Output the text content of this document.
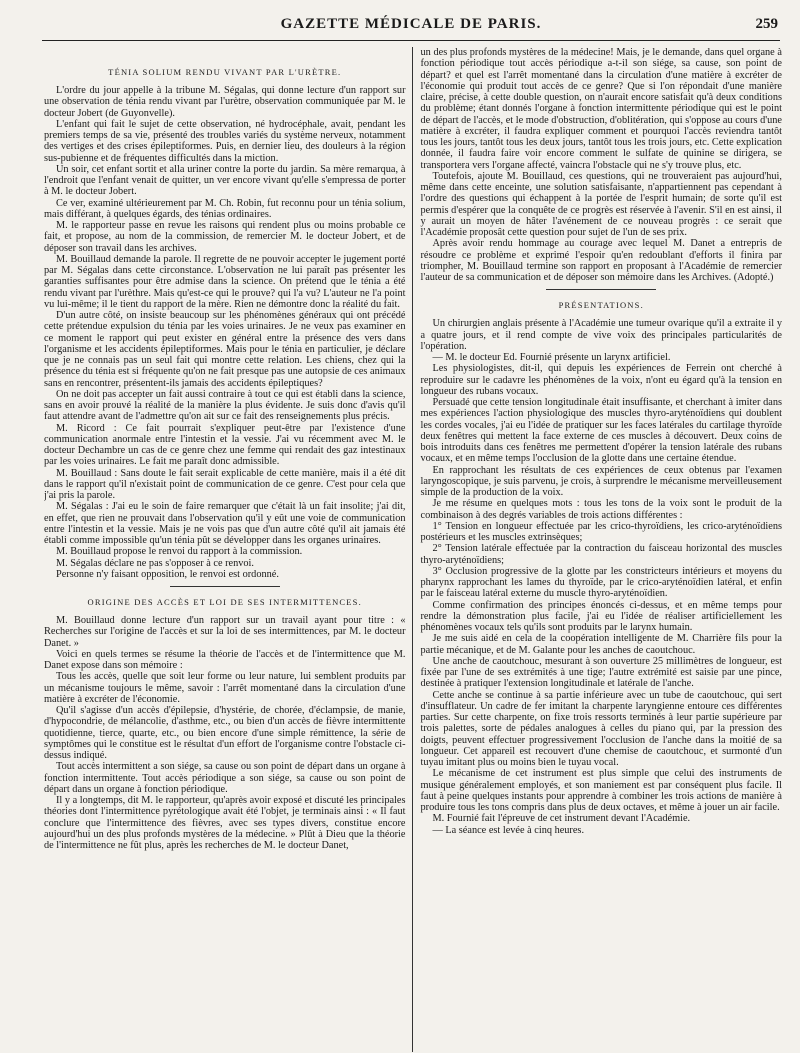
GAZETTE MÉDICALE DE PARIS.	259
TÉNIA SOLIUM RENDU VIVANT PAR L'URÈTRE.

L'ordre du jour appelle à la tribune M. Ségalas, qui donne lecture d'un rapport sur une observation de ténia rendu vivant par l'urètre, observation communiquée par M. le docteur Jobert (de Guyonvelle).

L'enfant qui fait le sujet de cette observation, né hydrocéphale, avait, pendant les premiers temps de sa vie, présenté des troubles variés du système nerveux, notamment des vertiges et des crises épileptiformes. Puis, en dernier lieu, des douleurs à la région sus-pubienne et de fréquentes difficultés dans la miction.

Un soir, cet enfant sortit et alla uriner contre la porte du jardin. Sa mère remarqua, à l'endroit que l'enfant venait de quitter, un ver encore vivant qu'elle s'empressa de porter à M. le docteur Jobert.

Ce ver, examiné ultérieurement par M. Ch. Robin, fut reconnu pour un ténia solium, mais différant, à quelques égards, des ténias ordinaires.

M. le rapporteur passe en revue les raisons qui rendent plus ou moins probable ce fait, et propose, au nom de la commission, de remercier M. le docteur Jobert, et de déposer son travail dans les archives.

M. Bouillaud demande la parole. Il regrette de ne pouvoir accepter le jugement porté par M. Ségalas dans cette circonstance. L'observation ne lui paraît pas présenter les garanties suffisantes pour être admise dans la science. On prétend que le ténia a été rendu vivant par l'urèthre. Mais qu'est-ce qui le prouve? qui l'a vu? L'auteur ne l'a point vu lui-même; il le tient du rapport de la mère. Rien ne démontre donc la réalité du fait.

D'un autre côté, on insiste beaucoup sur les phénomènes généraux qui ont précédé cette prétendue expulsion du ténia par les voies urinaires. Je ne veux pas examiner en ce moment le rapport qui peut exister en général entre la présence des vers dans l'organisme et les accidents épileptiformes. Mais pour le ténia en particulier, je déclare que je ne connais pas un seul fait qui montre cette relation. Les chiens, chez qui la présence du ténia est si fréquente qu'on ne fait presque pas une autopsie de ces animaux sans en rencontrer, présentent-ils jamais des accidents épileptiques?

On ne doit pas accepter un fait aussi contraire à tout ce qui est établi dans la science, sans en avoir prouvé la réalité de la manière la plus évidente. Je suis donc d'avis qu'il faut attendre avant de l'admettre qu'on ait sur ce fait des renseignements plus précis.

M. Ricord : Ce fait pourrait s'expliquer peut-être par l'existence d'une communication anormale entre l'intestin et la vessie. J'ai vu récemment avec M. le docteur Dechambre un cas de ce genre chez une femme qui rendait des gaz intestinaux par les voies urinaires. Le fait me paraît donc admissible.

M. Bouillaud : Sans doute le fait serait explicable de cette manière, mais il a été dit dans le rapport qu'il n'existait point de communication de ce genre. C'est pour cela que j'ai pris la parole.

M. Ségalas : J'ai eu le soin de faire remarquer que c'était là un fait insolite; j'ai dit, en effet, que rien ne prouvait dans l'observation qu'il y eût une voie de communication entre l'intestin et la vessie. Mais je ne vois pas que d'un autre côté qu'il ait jamais été établi comme impossible qu'un ténia pût se développer dans les organes urinaires.

M. Bouillaud propose le renvoi du rapport à la commission.

M. Ségalas déclare ne pas s'opposer à ce renvoi.

Personne n'y faisant opposition, le renvoi est ordonné.

ORIGINE DES ACCÈS ET LOI DE SES INTERMITTENCES.

M. Bouillaud donne lecture d'un rapport sur un travail ayant pour titre : « Recherches sur l'origine de l'accès et sur la loi de ses intermittences, par M. le docteur Danet. »

Voici en quels termes se résume la théorie de l'accès et de l'intermittence que M. Danet expose dans son mémoire :

Tous les accès, quelle que soit leur forme ou leur nature, lui semblent produits par un mécanisme toujours le même, savoir : l'arrêt momentané dans la circulation d'une matière à excréter de l'économie.

Qu'il s'agisse d'un accès d'épilepsie, d'hystérie, de chorée, d'éclampsie, de manie, d'hypocondrie, de mélancolie, d'asthme, etc., ou bien d'un accès de fièvre intermittente quotidienne, tierce, quarte, etc., ou bien encore d'une simple rémittence, la série de symptômes qui le constitue est le résultat d'un effort de l'organisme contre l'obstacle ci-dessus indiqué.

Tout accès intermittent a son siége, sa cause ou son point de départ dans un organe à fonction intermittente. Tout accès périodique a son siége, sa cause ou son point de départ dans un organe à fonction périodique.

Il y a longtemps, dit M. le rapporteur, qu'après avoir exposé et discuté les principales théories dont l'intermittence pyrétologique avait été l'objet, je terminais ainsi : « Il faut conclure que l'intermittence des fièvres, avec ses types divers, constitue encore aujourd'hui un des plus profonds mystères de la médecine. » Plût à Dieu que la théorie de l'intermittence ne fût plus, après les recherches de M. le docteur Danet,

un des plus profonds mystères de la médecine! Mais, je le demande, dans quel organe à fonction périodique tout accès périodique a-t-il son siége, sa cause, son point de départ? et quel est l'arrêt momentané dans la circulation d'une matière à excréter de l'économie qui produit tout accès de ce genre? Que si l'on répondait d'une manière claire, précise, à cette double question, on n'aurait encore satisfait qu'à deux conditions du problème; étant donnés l'organe à fonction intermittente périodique qui est le point de départ de l'accès, et le mode d'obstruction, d'oblitération, qui s'oppose au cours d'une matière à excréter, il faudra expliquer comment et pourquoi l'accès reviendra tantôt tous les jours, tantôt tous les deux jours, tantôt tous les trois jours, etc. Cette explication donnée, il faudra faire voir encore comment le sulfate de quinine se dirigera, se transportera vers l'organe affecté, vaincra l'obstacle qui ne s'y trouve plus, etc.

Toutefois, ajoute M. Bouillaud, ces questions, qui ne trouveraient pas aujourd'hui, même dans cette enceinte, une solution satisfaisante, n'appartiennent pas cependant à l'ordre des questions qui échappent à la portée de l'esprit humain; de sorte qu'il est permis d'espérer que la conquête de ce progrès est réservée à l'avenir. S'il en est ainsi, il y aurait un moyen de hâter l'avénement de ce nouveau progrès : ce serait que l'Académie proposât cette question pour sujet de l'un de ses prix.

Après avoir rendu hommage au courage avec lequel M. Danet a entrepris de résoudre ce problème et exprimé l'espoir qu'en redoublant d'efforts il finira par triompher, M. Bouillaud termine son rapport en proposant à l'Académie de remercier l'auteur de sa communication et de déposer son mémoire dans les Archives. (Adopté.)

PRÉSENTATIONS.

Un chirurgien anglais présente à l'Académie une tumeur ovarique qu'il a extraite il y a quatre jours, et il rend compte de vive voix des principales particularités de l'opération.

— M. le docteur Ed. Fournié présente un larynx artificiel.

Les physiologistes, dit-il, qui depuis les expériences de Ferrein ont cherché à reproduire sur le cadavre les phénomènes de la voix, n'ont eu égard qu'à la tension en longueur des rubans vocaux.

Persuadé que cette tension longitudinale était insuffisante, et cherchant à imiter dans mes expériences l'action physiologique des muscles thyro-aryténoïdiens qui doublent les cordes vocales, j'ai eu l'idée de pratiquer sur les faces latérales du cartilage thyroïde deux fenêtres qui mettent la face externe de ces muscles à découvert. Deux coins de bois introduits dans ces fenêtres me permettent d'opérer la tension latérale des rubans vocaux, et en même temps l'occlusion de la glotte dans une certaine étendue.

En rapprochant les résultats de ces expériences de ceux obtenus par l'examen laryngoscopique, je suis parvenu, je crois, à surprendre le mécanisme merveilleusement simple de la production de la voix.

Je me résume en quelques mots : tous les tons de la voix sont le produit de la combinaison à des degrés variables de trois actions différentes :

1° Tension en longueur effectuée par les crico-thyroïdiens, les crico-aryténoïdiens postérieurs et les muscles extrinsèques;

2° Tension latérale effectuée par la contraction du faisceau horizontal des muscles thyro-aryténoïdiens;

3° Occlusion progressive de la glotte par les constricteurs intérieurs et moyens du pharynx rapprochant les lames du thyroïde, par le crico-aryténoïdien latéral, et enfin par le faisceau latéral externe du muscle thyro-aryténoïdien.

Comme confirmation des principes énoncés ci-dessus, et en même temps pour rendre la démonstration plus facile, j'ai eu l'idée de réaliser artificiellement les phénomènes vocaux tels qu'ils sont produits par le larynx humain.

Je me suis aidé en cela de la coopération intelligente de M. Charrière fils pour la partie mécanique, et de M. Galante pour les anches de caoutchouc.

Une anche de caoutchouc, mesurant à son ouverture 25 millimètres de longueur, est fixée par l'une de ses extrémités à une tige; l'autre extrémité est saisie par une pince, destinée à pratiquer l'extension longitudinale et latérale de l'anche.

Cette anche se continue à sa partie inférieure avec un tube de caoutchouc, qui sert d'insufflateur. Un cadre de fer imitant la charpente laryngienne entoure ces différentes parties. Sur cette charpente, on fixe trois ressorts terminés à leur partie supérieure par trois palettes, sorte de pédales analogues à celles du piano qui, par la pression des doigts, peuvent effectuer progressivement l'occlusion de l'anche dans la moitié de sa longueur. Cet appareil est recouvert d'une chemise de caoutchouc, et surmonté d'un tuyau imitant plus ou moins bien le tuyau vocal.

Le mécanisme de cet instrument est plus simple que celui des instruments de musique généralement employés, et son maniement est par conséquent plus facile. Il faut à peine quelques instants pour apprendre à combiner les trois actions de manière à produire tous les tons compris dans plus de deux octaves, et même à jouer un air facile.

M. Fournié fait l'épreuve de cet instrument devant l'Académie.

— La séance est levée à cinq heures.
